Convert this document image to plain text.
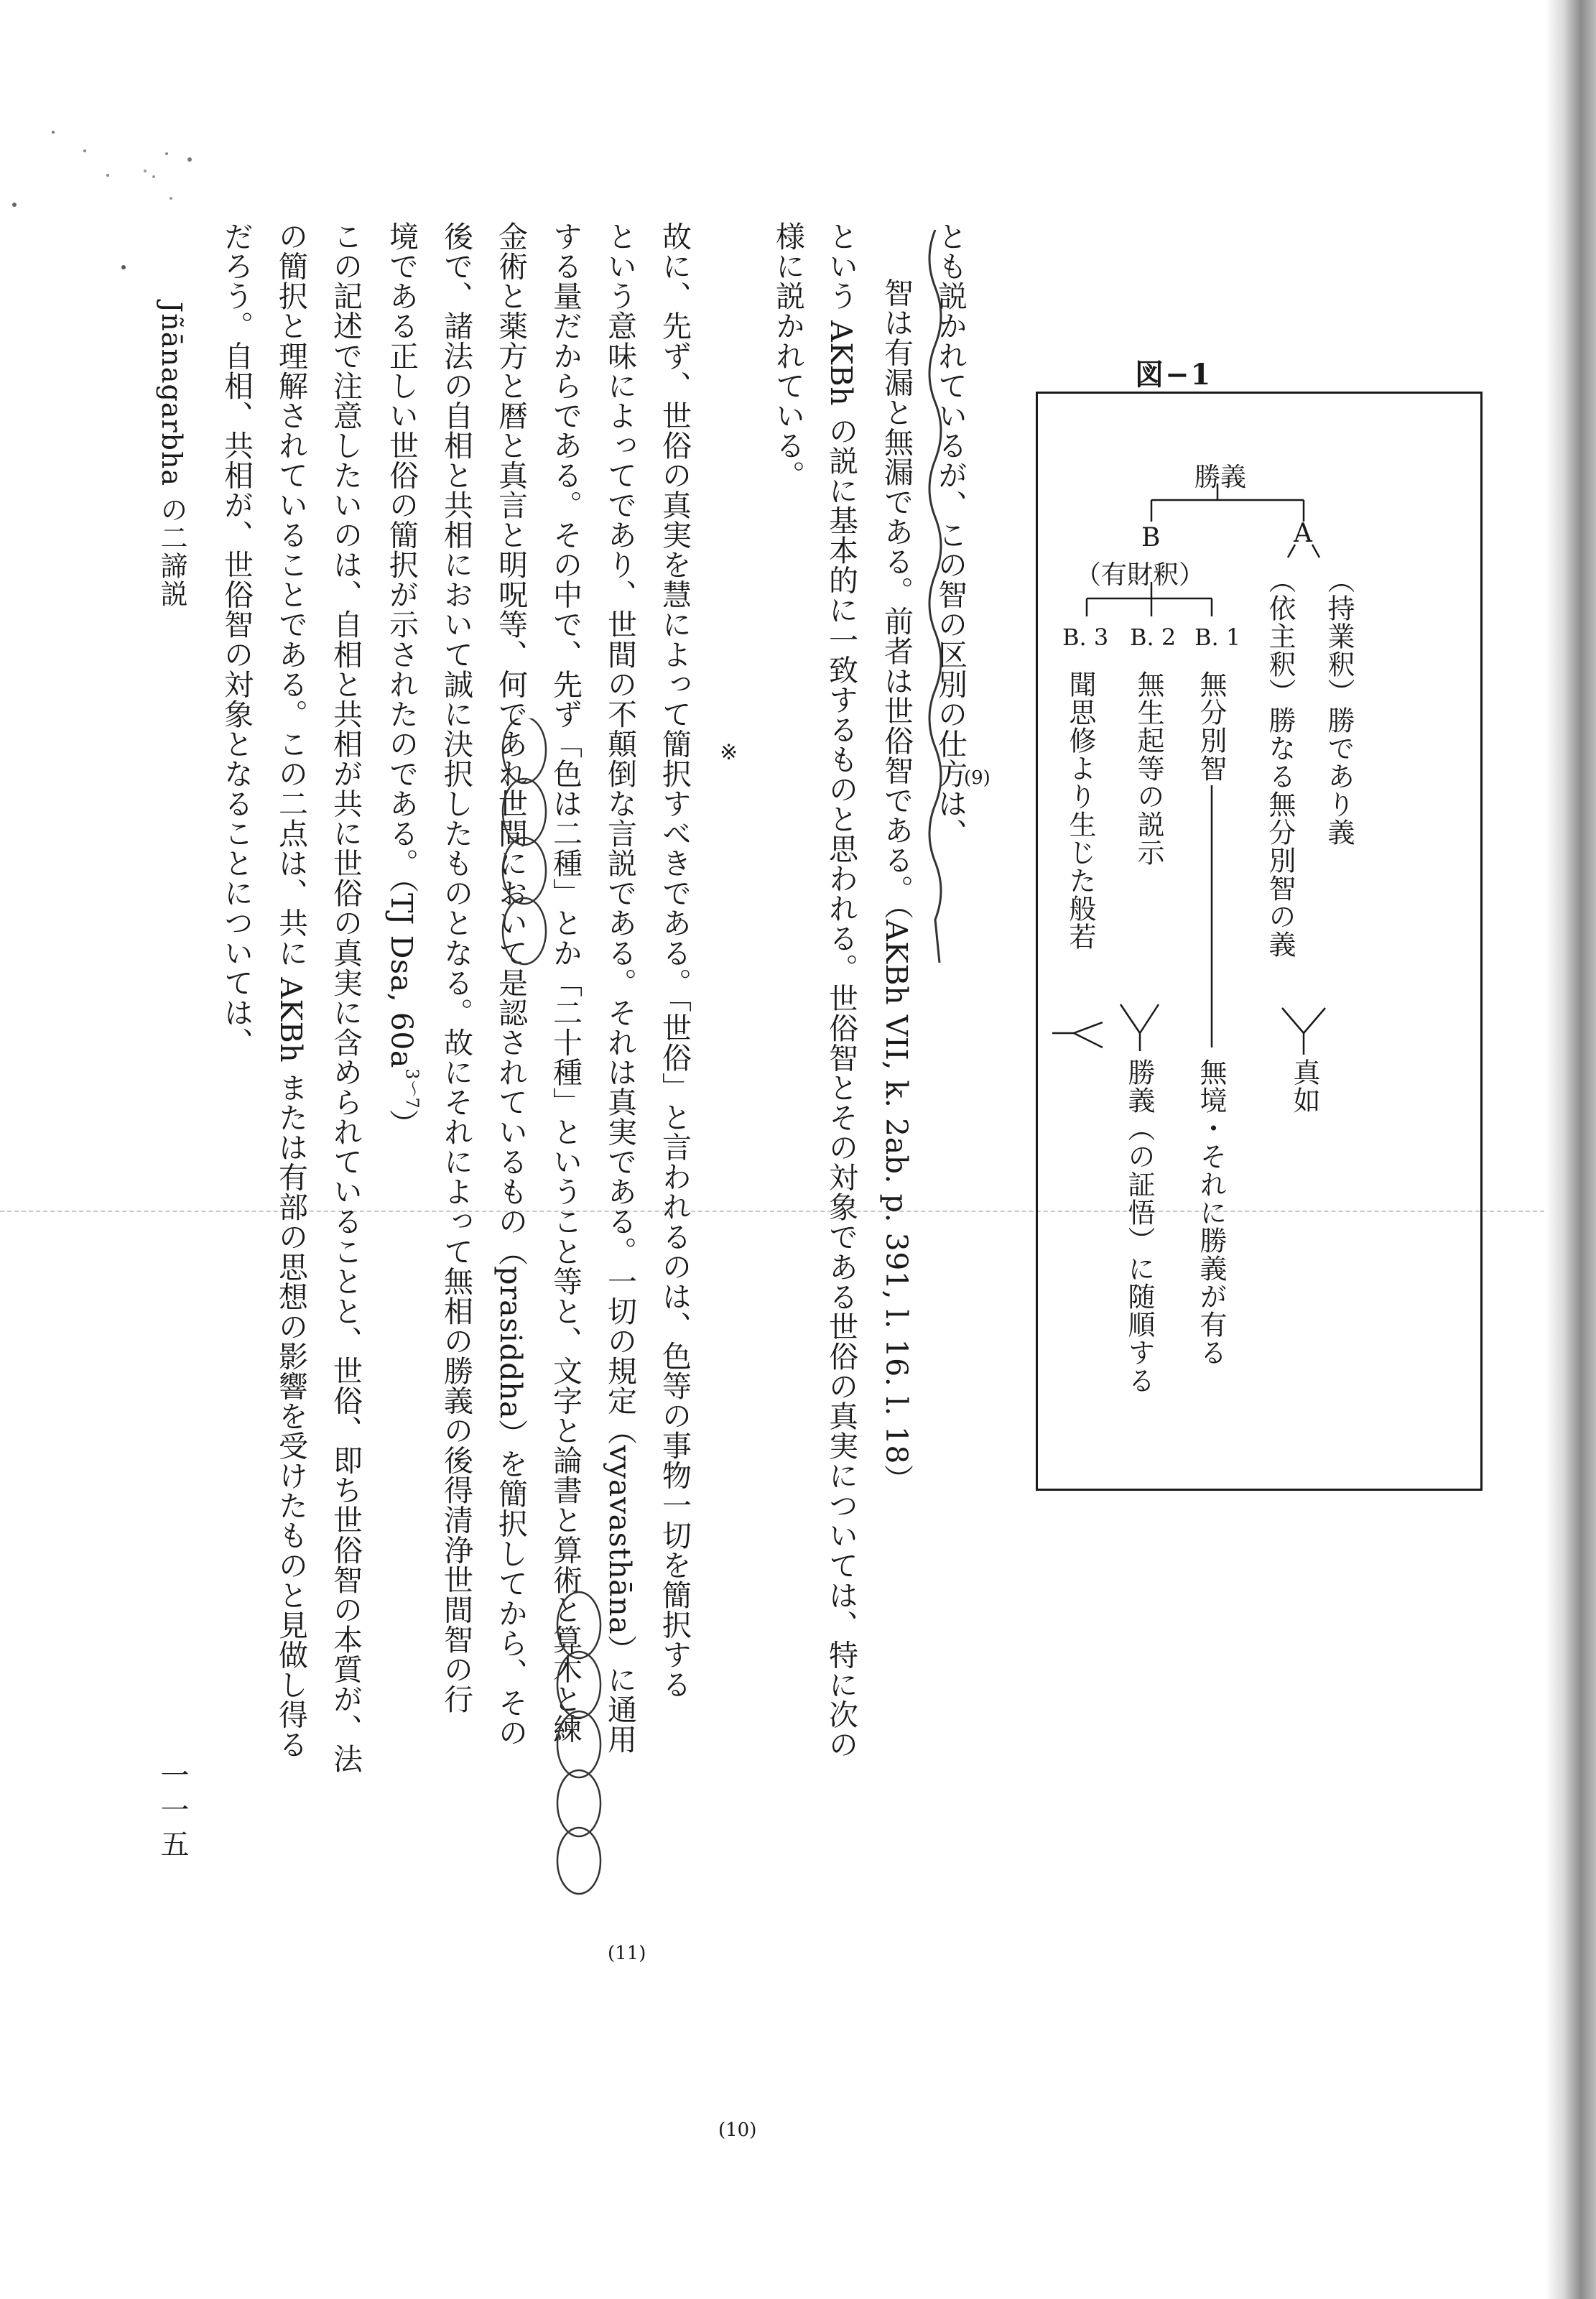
図−1
勝義
A
B
（有財釈）	（持業釈）勝であり義
（依主釈）勝なる無分別智の義
真如
B. 1
B. 2
B. 3
無分別智
無境・それに勝義が有る
無生起等の説示
聞思修より生じた般若
勝義（の証悟）に随順する
様に説かれている。 という AKBh の説に基本的に一致するものと思われる。世俗智とその対象である世俗の真実については、特に次の 　智は有漏と無漏である。前者は世俗智である。（AKBh VII, k. 2ab. p. 391, l. 16. l. 18） とも説かれているが、この智の区別の仕方は、
(9)
故に、先ず、世俗の真実を慧によって簡択すべきである。「世俗」と言われるのは、色等の事物一切を簡択する
(10)
※
という意味によってであり、世間の不顛倒な言説である。それは真実である。一切の規定（vyavasthāna）に通用
する量だからである。その中で、先ず「色は二種」とか「二十種」ということ等と、文字と論書と算術と算木と練
(11)
金術と薬方と暦と真言と明呪等、何であれ世間において是認されているもの（prasiddha）を簡択してから、その
後で、諸法の自相と共相において誠に決択したものとなる。故にそれによって無相の勝義の後得清浄世間智の行
境である正しい世俗の簡択が示されたのである。（TJ Dsa, $60a^{3\sim 7}$）
この記述で注意したいのは、自相と共相が共に世俗の真実に含められていることと、世俗、即ち世俗智の本質が、法
の簡択と理解されていることである。この二点は、共に AKBh または有部の思想の影響を受けたものと見做し得る
だろう。自相、共相が、世俗智の対象となることについては、
Jñānagarbha の二諦説
一一五
